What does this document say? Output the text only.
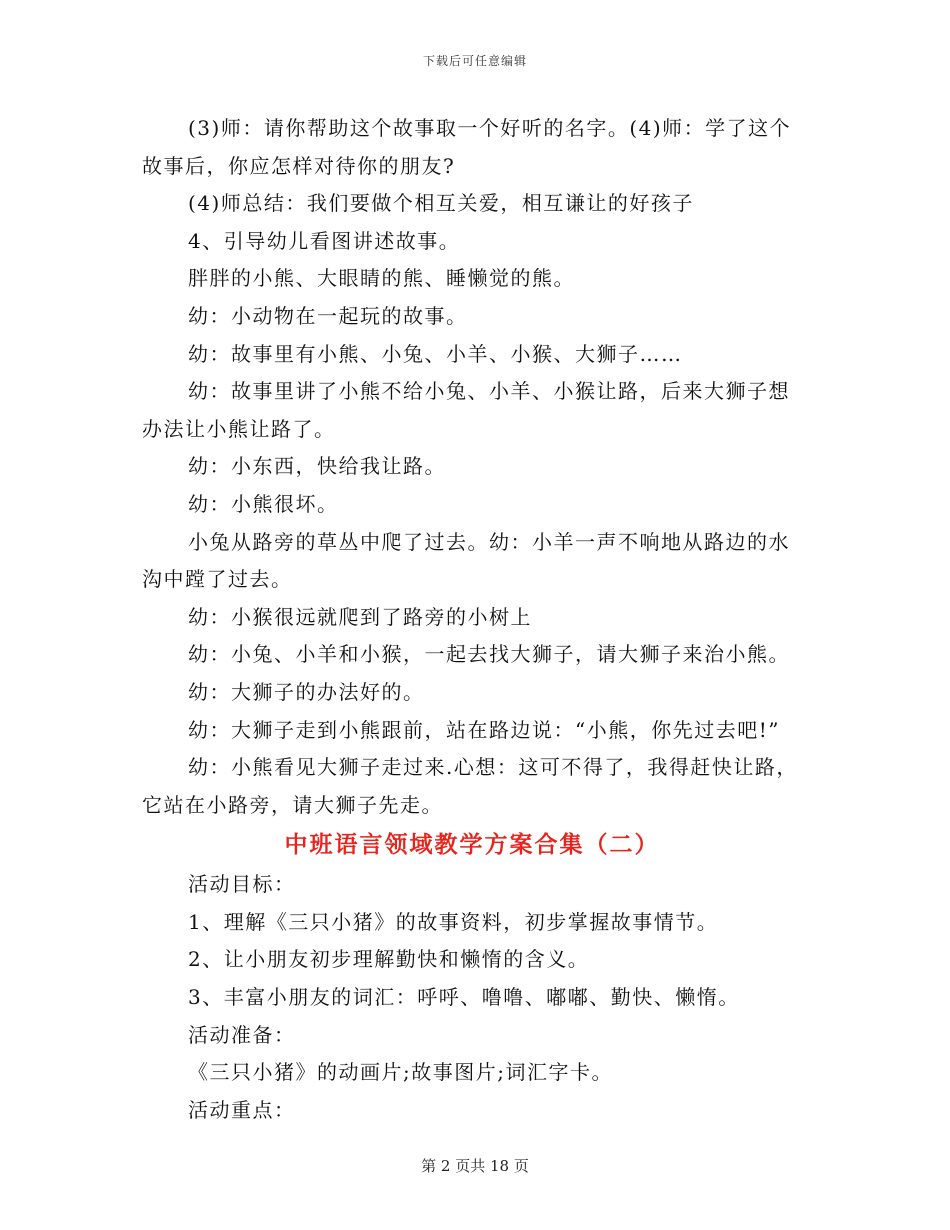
下载后可任意编辑

(3)师：请你帮助这个故事取一个好听的名字。(4)师：学了这个故事后，你应怎样对待你的朋友?

(4)师总结：我们要做个相互关爱，相互谦让的好孩子

4、引导幼儿看图讲述故事。

胖胖的小熊、大眼睛的熊、睡懒觉的熊。

幼：小动物在一起玩的故事。

幼：故事里有小熊、小兔、小羊、小猴、大狮子……

幼：故事里讲了小熊不给小兔、小羊、小猴让路，后来大狮子想办法让小熊让路了。

幼：小东西，快给我让路。

幼：小熊很坏。

小兔从路旁的草丛中爬了过去。幼：小羊一声不响地从路边的水沟中蹚了过去。

幼：小猴很远就爬到了路旁的小树上

幼：小兔、小羊和小猴，一起去找大狮子，请大狮子来治小熊。

幼：大狮子的办法好的。

幼：大狮子走到小熊跟前，站在路边说：“小熊，你先过去吧!”

幼：小熊看见大狮子走过来.心想：这可不得了，我得赶快让路，它站在小路旁，请大狮子先走。

中班语言领域教学方案合集（二）

活动目标：

1、理解《三只小猪》的故事资料，初步掌握故事情节。

2、让小朋友初步理解勤快和懒惰的含义。

3、丰富小朋友的词汇：呼呼、噜噜、嘟嘟、勤快、懒惰。

活动准备：

《三只小猪》的动画片;故事图片;词汇字卡。

活动重点：

第 2 页共 18 页
